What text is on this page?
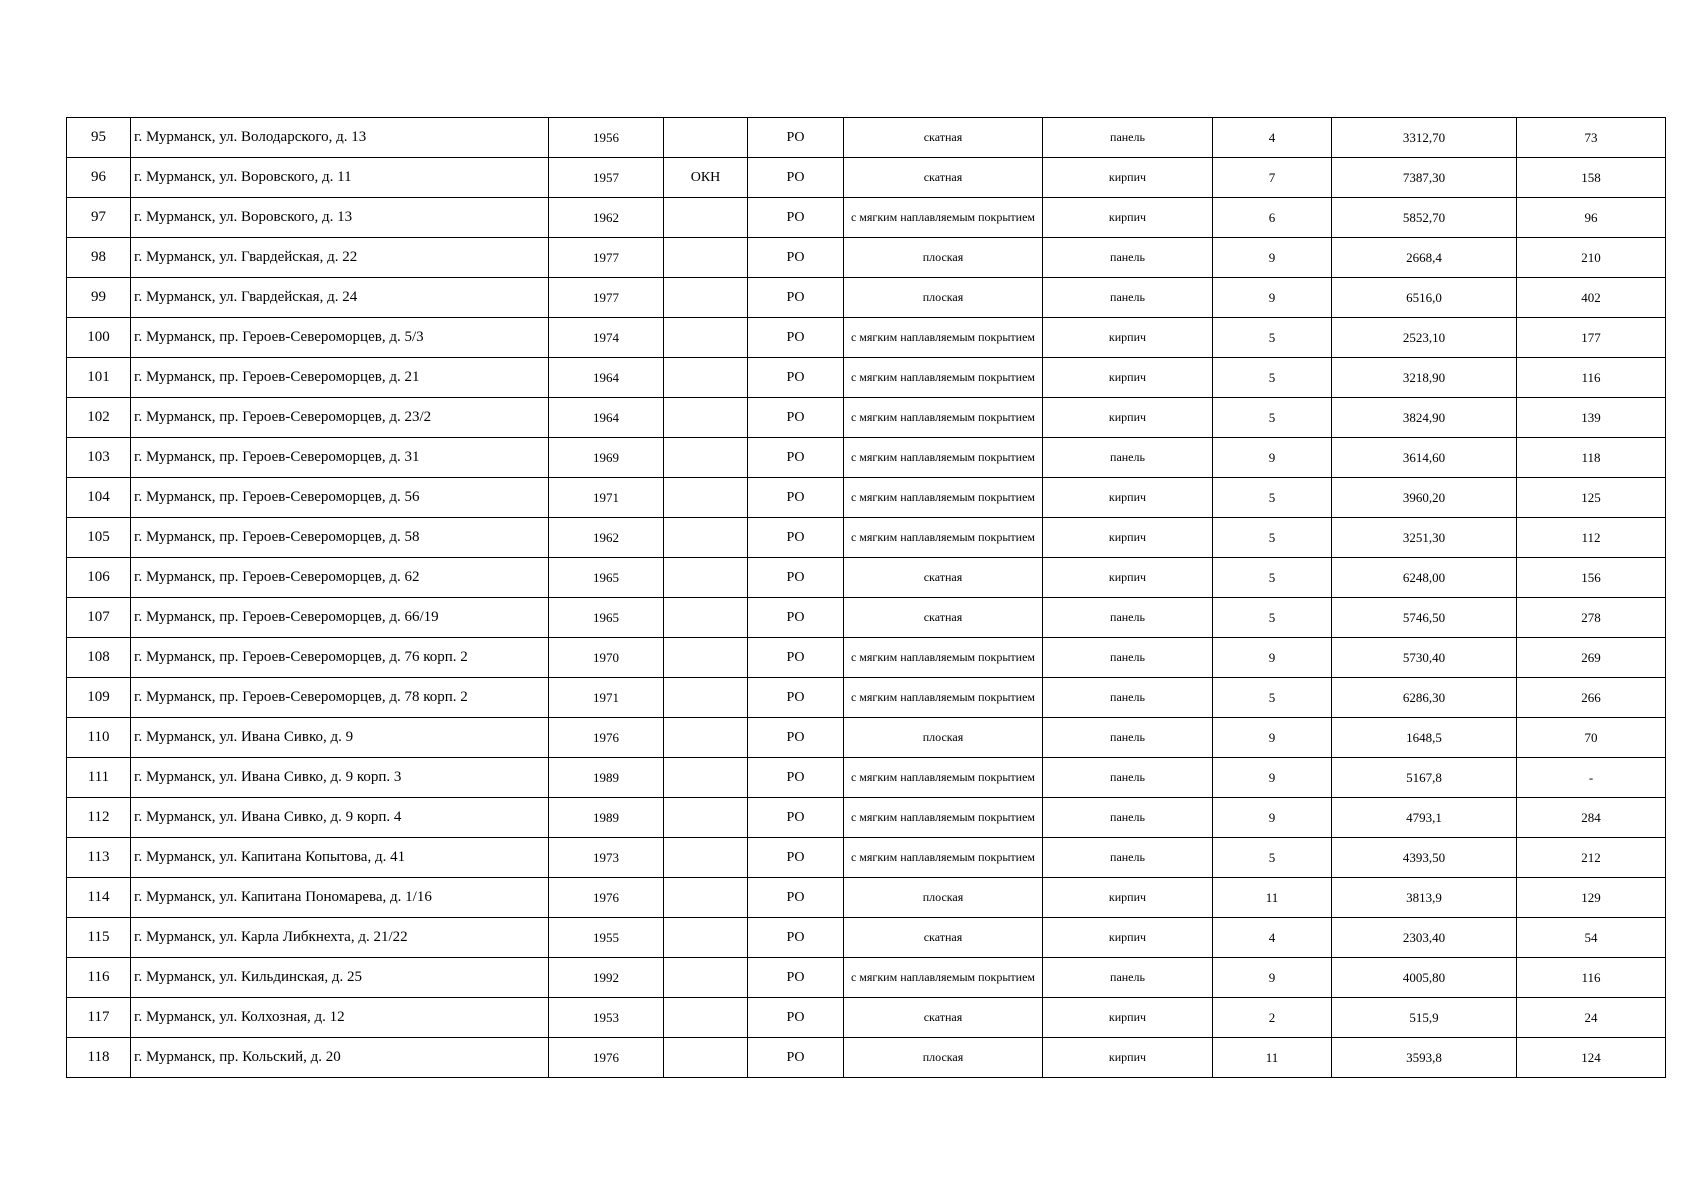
95	г. Мурманск, ул. Володарского, д. 13	1956		РО	скатная	панель	4	3312,70	73
96	г. Мурманск, ул. Воровского, д. 11	1957	ОКН	РО	скатная	кирпич	7	7387,30	158
97	г. Мурманск, ул. Воровского, д. 13	1962		РО	с мягким наплавляемым покрытием	кирпич	6	5852,70	96
98	г. Мурманск, ул. Гвардейская, д. 22	1977		РО	плоская	панель	9	2668,4	210
99	г. Мурманск, ул. Гвардейская, д. 24	1977		РО	плоская	панель	9	6516,0	402
100	г. Мурманск, пр. Героев-Североморцев, д. 5/3	1974		РО	с мягким наплавляемым покрытием	кирпич	5	2523,10	177
101	г. Мурманск, пр. Героев-Североморцев, д. 21	1964		РО	с мягким наплавляемым покрытием	кирпич	5	3218,90	116
102	г. Мурманск, пр. Героев-Североморцев, д. 23/2	1964		РО	с мягким наплавляемым покрытием	кирпич	5	3824,90	139
103	г. Мурманск, пр. Героев-Североморцев, д. 31	1969		РО	с мягким наплавляемым покрытием	панель	9	3614,60	118
104	г. Мурманск, пр. Героев-Североморцев, д. 56	1971		РО	с мягким наплавляемым покрытием	кирпич	5	3960,20	125
105	г. Мурманск, пр. Героев-Североморцев, д. 58	1962		РО	с мягким наплавляемым покрытием	кирпич	5	3251,30	112
106	г. Мурманск, пр. Героев-Североморцев, д. 62	1965		РО	скатная	кирпич	5	6248,00	156
107	г. Мурманск, пр. Героев-Североморцев, д. 66/19	1965		РО	скатная	панель	5	5746,50	278
108	г. Мурманск, пр. Героев-Североморцев, д. 76 корп. 2	1970		РО	с мягким наплавляемым покрытием	панель	9	5730,40	269
109	г. Мурманск, пр. Героев-Североморцев, д. 78 корп. 2	1971		РО	с мягким наплавляемым покрытием	панель	5	6286,30	266
110	г. Мурманск, ул. Ивана Сивко, д. 9	1976		РО	плоская	панель	9	1648,5	70
111	г. Мурманск, ул. Ивана Сивко, д. 9 корп. 3	1989		РО	с мягким наплавляемым покрытием	панель	9	5167,8	-
112	г. Мурманск, ул. Ивана Сивко, д. 9 корп. 4	1989		РО	с мягким наплавляемым покрытием	панель	9	4793,1	284
113	г. Мурманск, ул. Капитана Копытова, д. 41	1973		РО	с мягким наплавляемым покрытием	панель	5	4393,50	212
114	г. Мурманск, ул. Капитана Пономарева, д. 1/16	1976		РО	плоская	кирпич	11	3813,9	129
115	г. Мурманск, ул. Карла Либкнехта, д. 21/22	1955		РО	скатная	кирпич	4	2303,40	54
116	г. Мурманск, ул. Кильдинская, д. 25	1992		РО	с мягким наплавляемым покрытием	панель	9	4005,80	116
117	г. Мурманск, ул. Колхозная, д. 12	1953		РО	скатная	кирпич	2	515,9	24
118	г. Мурманск, пр. Кольский, д. 20	1976		РО	плоская	кирпич	11	3593,8	124
